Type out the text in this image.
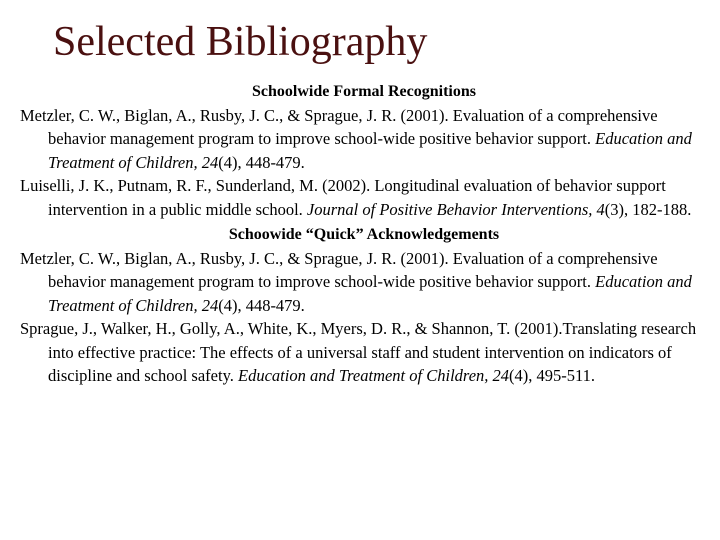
Selected Bibliography

Schoolwide Formal Recognitions

Metzler, C. W., Biglan, A., Rusby, J. C., & Sprague, J. R. (2001). Evaluation of a comprehensive behavior management program to improve school-wide positive behavior support. Education and Treatment of Children, 24(4), 448-479.

Luiselli, J. K., Putnam, R. F., Sunderland, M. (2002). Longitudinal evaluation of behavior support intervention in a public middle school. Journal of Positive Behavior Interventions, 4(3), 182-188.

Schoowide “Quick” Acknowledgements

Metzler, C. W., Biglan, A., Rusby, J. C., & Sprague, J. R. (2001). Evaluation of a comprehensive behavior management program to improve school-wide positive behavior support. Education and Treatment of Children, 24(4), 448-479.

Sprague, J., Walker, H., Golly, A., White, K., Myers, D. R., & Shannon, T. (2001).Translating research into effective practice: The effects of a universal staff and student intervention on indicators of discipline and school safety. Education and Treatment of Children, 24(4), 495-511.
